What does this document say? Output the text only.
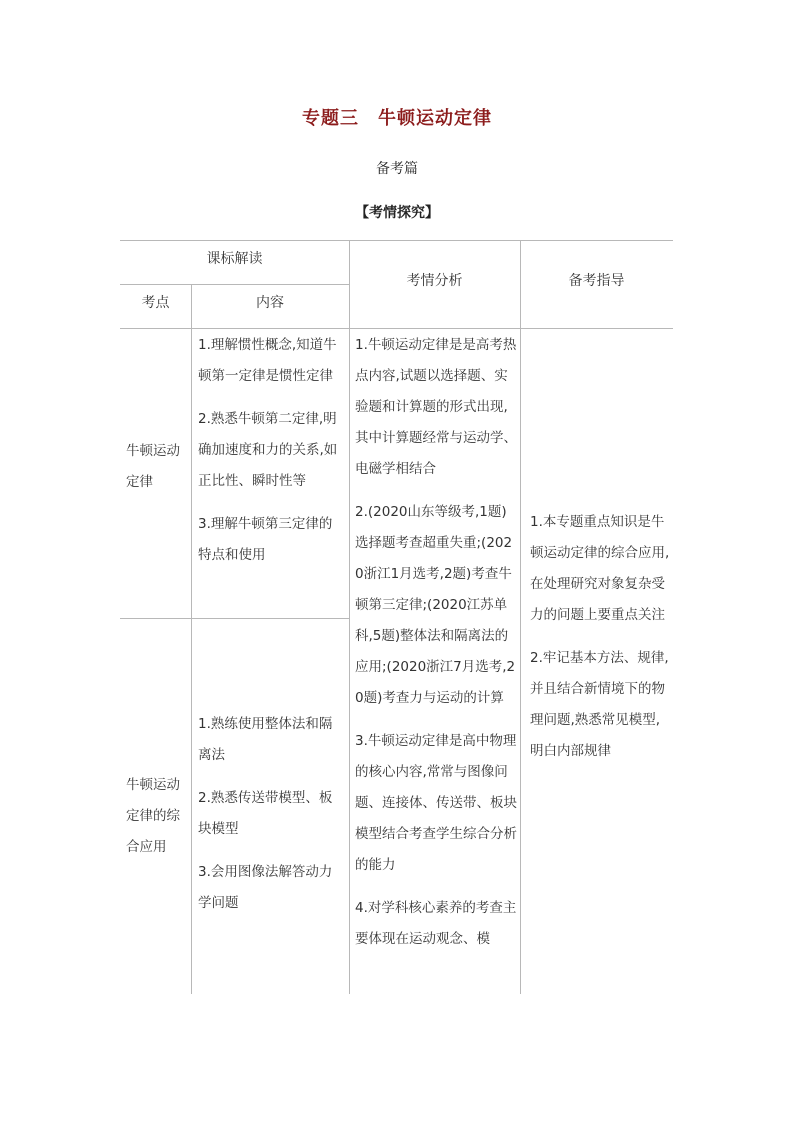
专题三　牛顿运动定律
备考篇
【考情探究】
课标解读
考点	内容
考情分析	备考指导
牛顿运动定律

1.理解惯性概念,知道牛顿第一定律是惯性定律

2.熟悉牛顿第二定律,明确加速度和力的关系,如正比性、瞬时性等

3.理解牛顿第三定律的特点和使用

牛顿运动定律的综合应用

1.熟练使用整体法和隔离法

2.熟悉传送带模型、板块模型

3.会用图像法解答动力学问题

1.牛顿运动定律是是高考热点内容,试题以选择题、实验题和计算题的形式出现,其中计算题经常与运动学、电磁学相结合

2.(2020山东等级考,1题)选择题考查超重失重;(2020浙江1月选考,2题)考查牛顿第三定律;(2020江苏单科,5题)整体法和隔离法的应用;(2020浙江7月选考,20题)考查力与运动的计算

3.牛顿运动定律是高中物理的核心内容,常常与图像问题、连接体、传送带、板块模型结合考查学生综合分析的能力

4.对学科核心素养的考查主要体现在运动观念、模

1.本专题重点知识是牛顿运动定律的综合应用,在处理研究对象复杂受力的问题上要重点关注

2.牢记基本方法、规律,并且结合新情境下的物理问题,熟悉常见模型,明白内部规律
